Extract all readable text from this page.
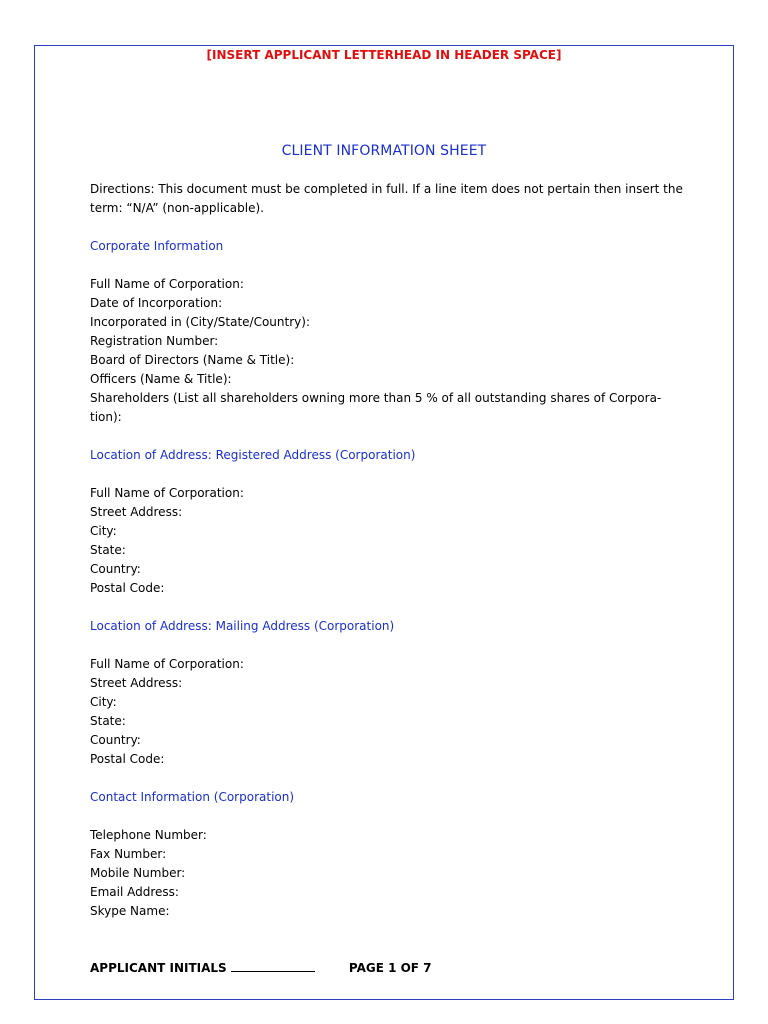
[INSERT APPLICANT LETTERHEAD IN HEADER SPACE]
CLIENT INFORMATION SHEET

Directions: This document must be completed in full. If a line item does not pertain then insert the term: “N/A” (non-applicable).

Corporate Information

Full Name of Corporation:
Date of Incorporation:
Incorporated in (City/State/Country):
Registration Number:
Board of Directors (Name & Title):
Officers (Name & Title):
Shareholders (List all shareholders owning more than 5 % of all outstanding shares of Corpora-tion):

Location of Address: Registered Address (Corporation)

Full Name of Corporation:
Street Address:
City:
State:
Country:
Postal Code:

Location of Address: Mailing Address (Corporation)

Full Name of Corporation:
Street Address:
City:
State:
Country:
Postal Code:

Contact Information (Corporation)

Telephone Number:
Fax Number:
Mobile Number:
Email Address:
Skype Name:
APPLICANT INITIALS	PAGE 1 OF 7
